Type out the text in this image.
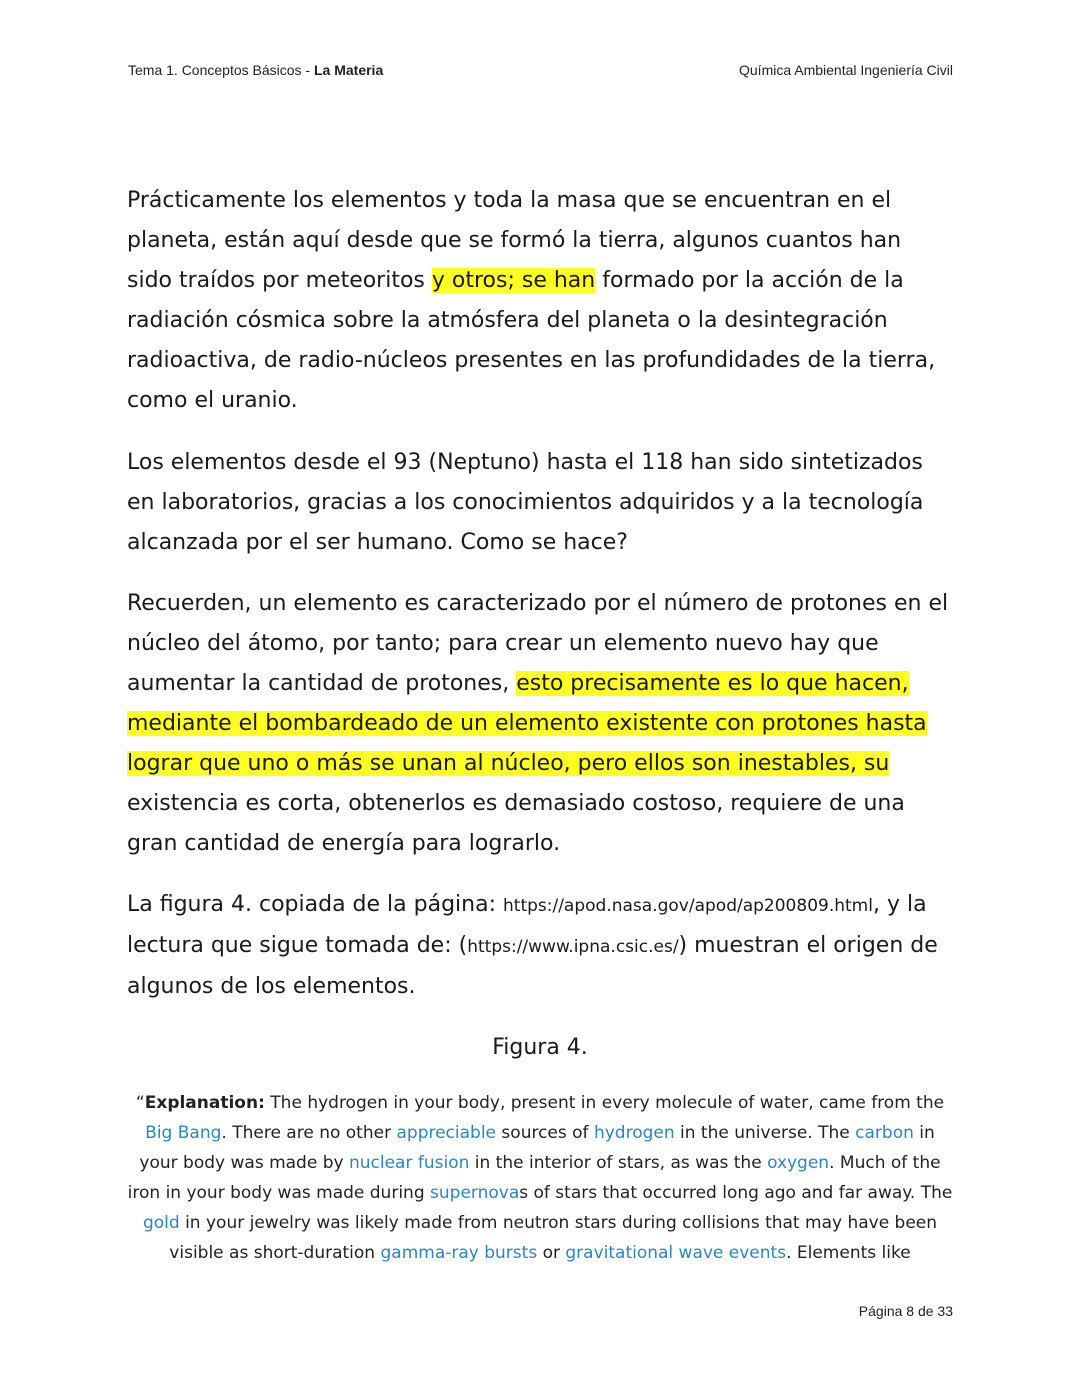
Tema 1. Conceptos Básicos - La Materia	Química Ambiental Ingeniería Civil

Prácticamente los elementos y toda la masa que se encuentran en el planeta, están aquí desde que se formó la tierra, algunos cuantos han sido traídos por meteoritos y otros; se han formado por la acción de la radiación cósmica sobre la atmósfera del planeta o la desintegración radioactiva, de radio-núcleos presentes en las profundidades de la tierra, como el uranio.

Los elementos desde el 93 (Neptuno) hasta el 118 han sido sintetizados en laboratorios, gracias a los conocimientos adquiridos y a la tecnología alcanzada por el ser humano. Como se hace?

Recuerden, un elemento es caracterizado por el número de protones en el núcleo del átomo, por tanto; para crear un elemento nuevo hay que aumentar la cantidad de protones, esto precisamente es lo que hacen, mediante el bombardeado de un elemento existente con protones hasta lograr que uno o más se unan al núcleo, pero ellos son inestables, su existencia es corta, obtenerlos es demasiado costoso, requiere de una gran cantidad de energía para lograrlo.

La figura 4. copiada de la página: https://apod.nasa.gov/apod/ap200809.html, y la lectura que sigue tomada de: (https://www.ipna.csic.es/) muestran el origen de algunos de los elementos.

Figura 4.

“Explanation: The hydrogen in your body, present in every molecule of water, came from the Big Bang. There are no other appreciable sources of hydrogen in the universe. The carbon in your body was made by nuclear fusion in the interior of stars, as was the oxygen. Much of the iron in your body was made during supernovas of stars that occurred long ago and far away. The gold in your jewelry was likely made from neutron stars during collisions that may have been visible as short-duration gamma-ray bursts or gravitational wave events. Elements like

Página 8 de 33
